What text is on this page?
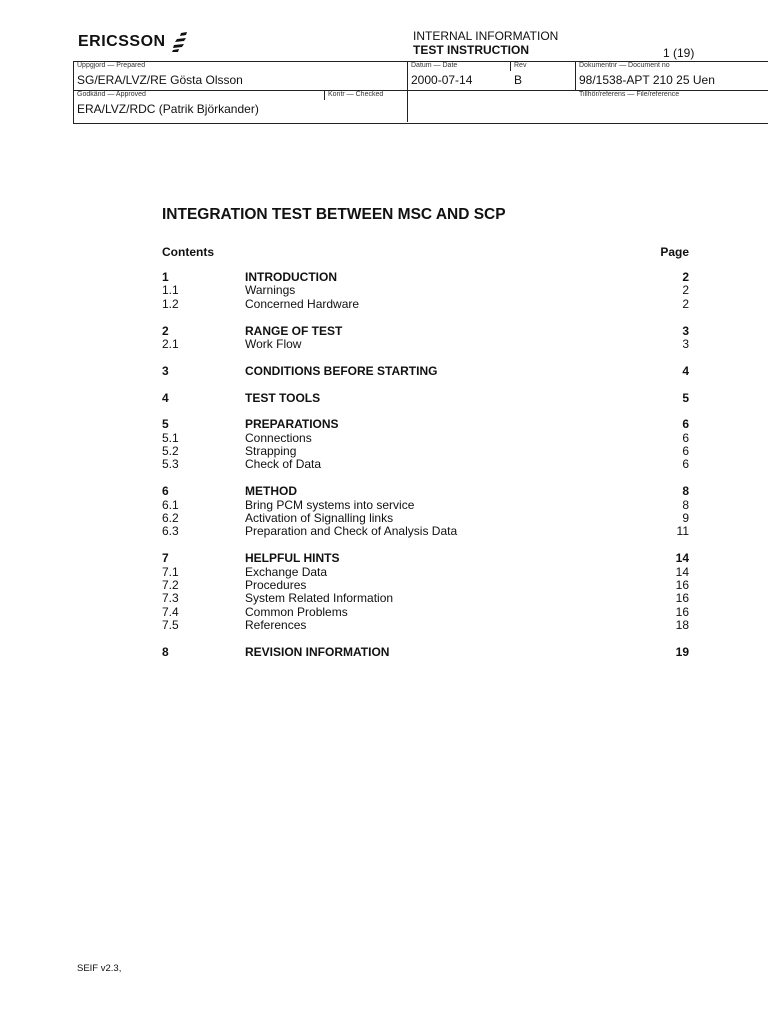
ERICSSON	INTERNAL INFORMATION
TEST INSTRUCTION	1 (19)
Uppgjord — Prepared
SG/ERA/LVZ/RE Gösta Olsson
Datum — Date
2000-07-14
Rev
B
Dokumentnr — Document no
98/1538-APT 210 25 Uen
Godkänd — Approved
ERA/LVZ/RDC (Patrik Björkander)
Kontr — Checked	Tillhör/referens — File/reference
INTEGRATION TEST BETWEEN MSC AND SCP
Contents	Page
1	INTRODUCTION	2
1.1	Warnings	2
1.2	Concerned Hardware	2
2	RANGE OF TEST	3
2.1	Work Flow	3
3	CONDITIONS BEFORE STARTING	4
4	TEST TOOLS	5
5	PREPARATIONS	6
5.1	Connections	6
5.2	Strapping	6
5.3	Check of Data	6
6	METHOD	8
6.1	Bring PCM systems into service	8
6.2	Activation of Signalling links	9
6.3	Preparation and Check of Analysis Data	11
7	HELPFUL HINTS	14
7.1	Exchange Data	14
7.2	Procedures	16
7.3	System Related Information	16
7.4	Common Problems	16
7.5	References	18
8	REVISION INFORMATION	19
SEIF v2.3,
